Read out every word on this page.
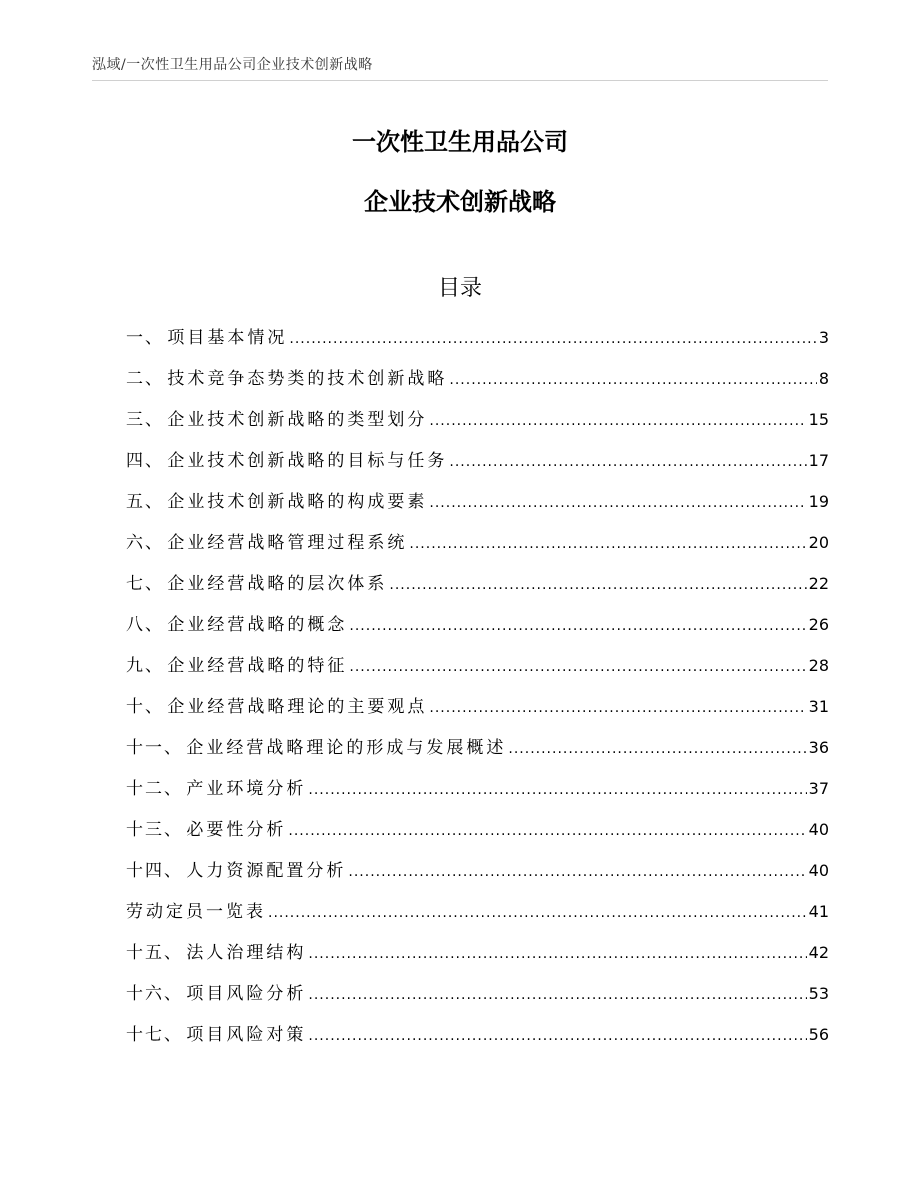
泓域/一次性卫生用品公司企业技术创新战略
一次性卫生用品公司
企业技术创新战略
目录
一 、 项目基本情况 .....	3
二 、 技术竞争态势类的技术创新战略 .....	8
三 、 企业技术创新战略的类型划分 .....	15
四 、 企业技术创新战略的目标与任务 .....	17
五 、 企业技术创新战略的构成要素 .....	19
六 、 企业经营战略管理过程系统 .....	20
七 、 企业经营战略的层次体系 .....	22
八 、 企业经营战略的概念 .....	26
九 、 企业经营战略的特征 .....	28
十 、 企业经营战略理论的主要观点 .....	31
十一 、 企业经营战略理论的形成与发展概述 .....	36
十二 、 产业环境分析 .....	37
十三 、 必要性分析 .....	40
十四 、 人力资源配置分析 .....	40
劳动定员一览表 .....	41
十五 、 法人治理结构 .....	42
十六 、 项目风险分析 .....	53
十七 、 项目风险对策 .....	56
